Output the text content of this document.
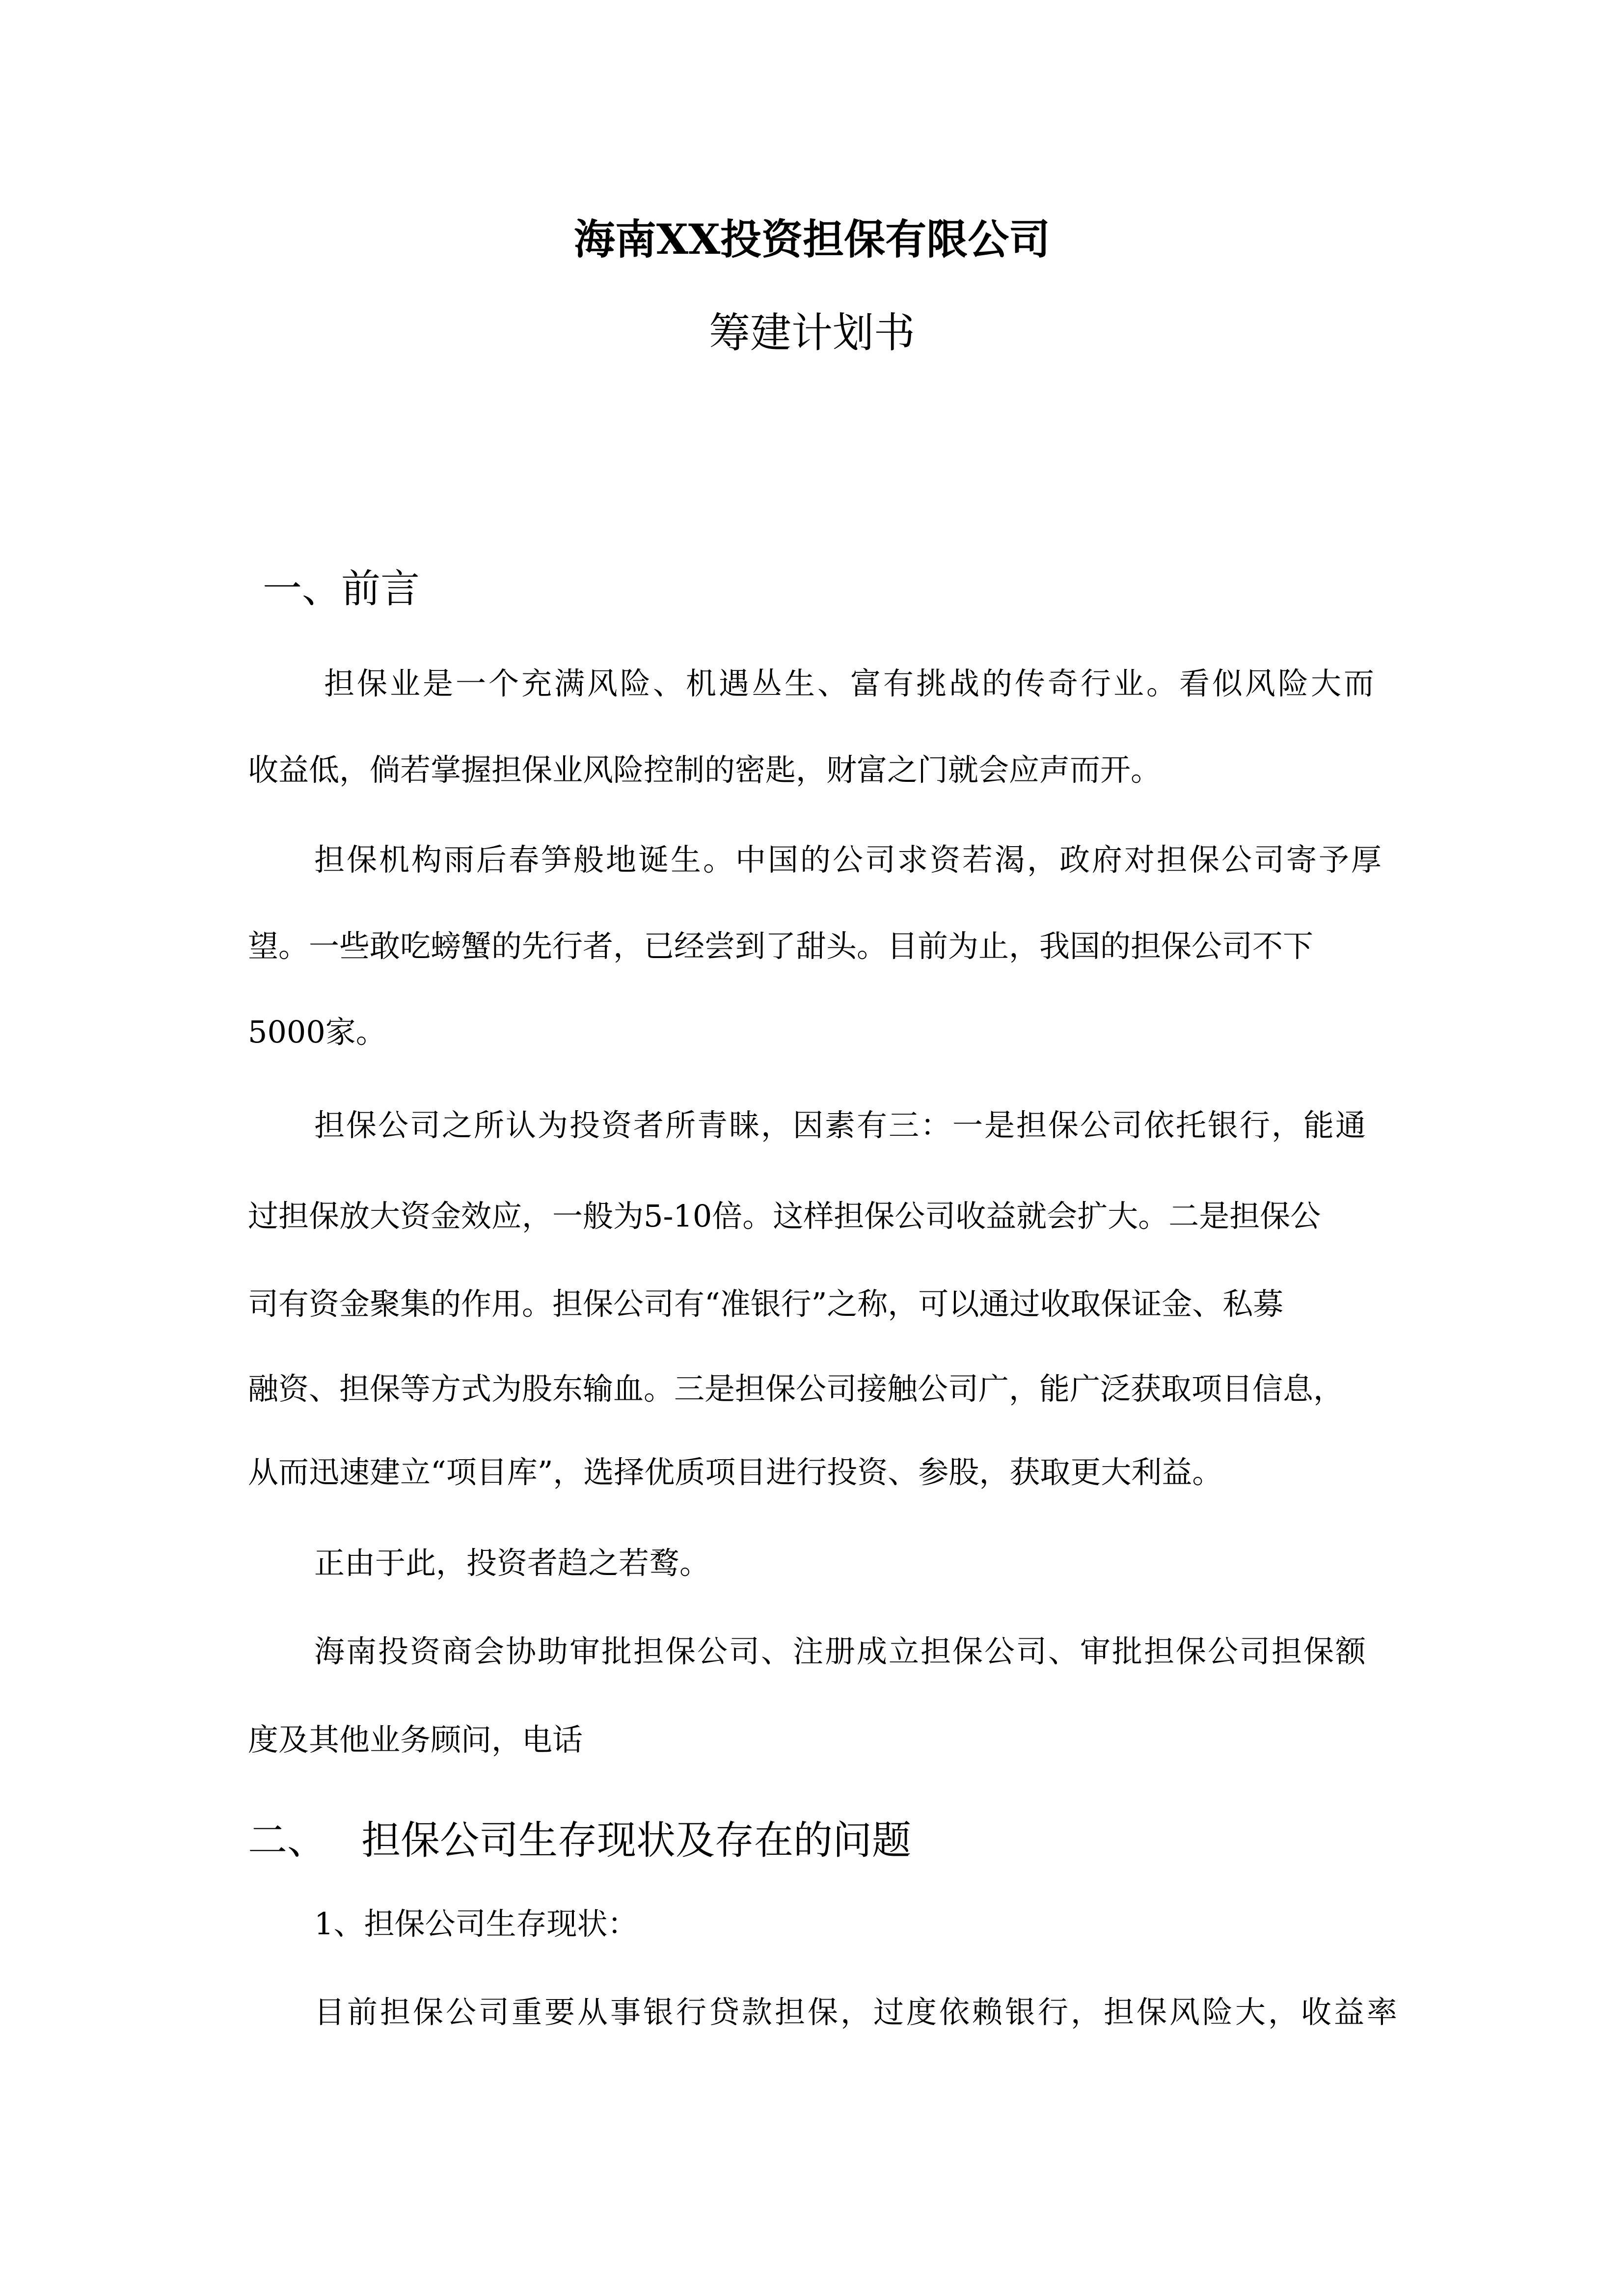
海南XX投资担保有限公司
筹建计划书
一、前言
担保业是一个充满风险、机遇丛生、富有挑战的传奇行业。看似风险大而
收益低，倘若掌握担保业风险控制的密匙，财富之门就会应声而开。
担保机构雨后春笋般地诞生。中国的公司求资若渴，政府对担保公司寄予厚
望。一些敢吃螃蟹的先行者，已经尝到了甜头。目前为止，我国的担保公司不下
5000家。
担保公司之所认为投资者所青睐，因素有三：一是担保公司依托银行，能通
过担保放大资金效应，一般为5-10倍。这样担保公司收益就会扩大。二是担保公
司有资金聚集的作用。担保公司有“准银行”之称，可以通过收取保证金、私募
融资、担保等方式为股东输血。三是担保公司接触公司广，能广泛获取项目信息，
从而迅速建立“项目库”，选择优质项目进行投资、参股，获取更大利益。
正由于此，投资者趋之若鹜。
海南投资商会协助审批担保公司、注册成立担保公司、审批担保公司担保额
度及其他业务顾问，电话
二、 担保公司生存现状及存在的问题
1、担保公司生存现状：
目前担保公司重要从事银行贷款担保，过度依赖银行，担保风险大，收益率
